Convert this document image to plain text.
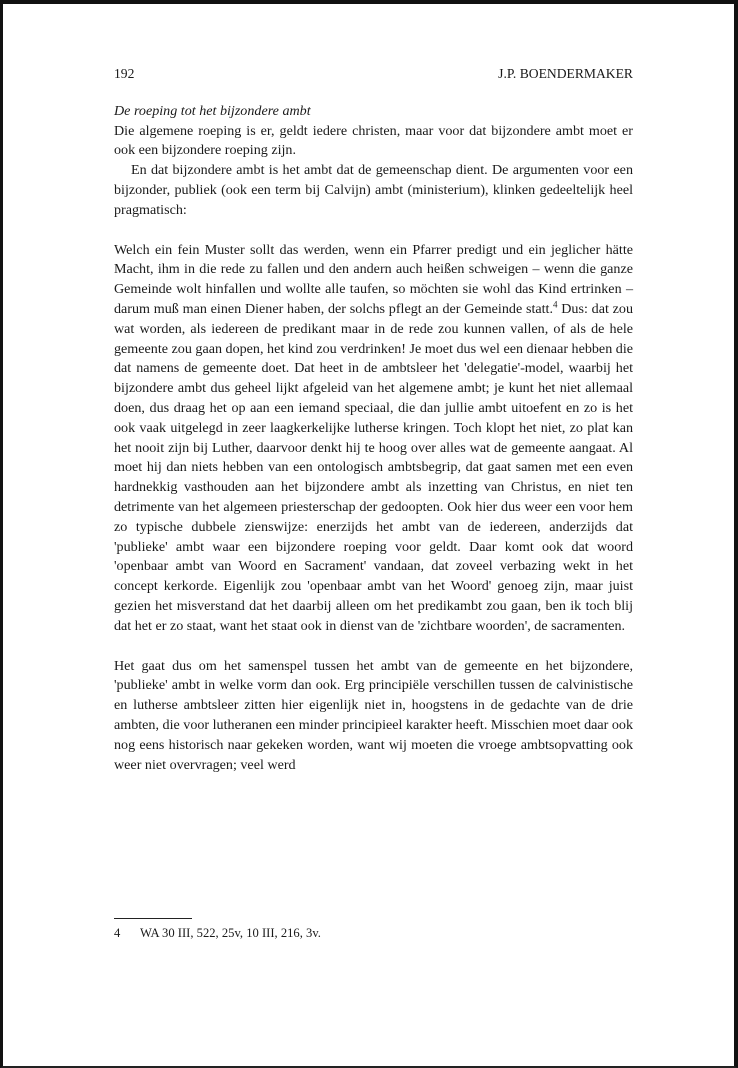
192	J.P. BOENDERMAKER
De roeping tot het bijzondere ambt

Die algemene roeping is er, geldt iedere christen, maar voor dat bijzondere ambt moet er ook een bijzondere roeping zijn.

En dat bijzondere ambt is het ambt dat de gemeenschap dient. De argumenten voor een bijzonder, publiek (ook een term bij Calvijn) ambt (ministerium), klinken gedeeltelijk heel pragmatisch:

Welch ein fein Muster sollt das werden, wenn ein Pfarrer predigt und ein jeglicher hätte Macht, ihm in die rede zu fallen und den andern auch heißen schweigen – wenn die ganze Gemeinde wolt hinfallen und wollte alle taufen, so möchten sie wohl das Kind ertrinken – darum muß man einen Diener haben, der solchs pflegt an der Gemeinde statt.$^4$ Dus: dat zou wat worden, als iedereen de predikant maar in de rede zou kunnen vallen, of als de hele gemeente zou gaan dopen, het kind zou verdrinken! Je moet dus wel een dienaar hebben die dat namens de gemeente doet. Dat heet in de ambtsleer het 'delegatie'-model, waarbij het bijzondere ambt dus geheel lijkt afgeleid van het algemene ambt; je kunt het niet allemaal doen, dus draag het op aan een iemand speciaal, die dan jullie ambt uitoefent en zo is het ook vaak uitgelegd in zeer laagkerkelijke lutherse kringen. Toch klopt het niet, zo plat kan het nooit zijn bij Luther, daarvoor denkt hij te hoog over alles wat de gemeente aangaat. Al moet hij dan niets hebben van een ontologisch ambtsbegrip, dat gaat samen met een even hardnekkig vasthouden aan het bijzondere ambt als inzetting van Christus, en niet ten detrimente van het algemeen priesterschap der gedoopten. Ook hier dus weer een voor hem zo typische dubbele zienswijze: enerzijds het ambt van de iedereen, anderzijds dat 'publieke' ambt waar een bijzondere roeping voor geldt. Daar komt ook dat woord 'openbaar ambt van Woord en Sacrament' vandaan, dat zoveel verbazing wekt in het concept kerkorde. Eigenlijk zou 'openbaar ambt van het Woord' genoeg zijn, maar juist gezien het misverstand dat het daarbij alleen om het predikambt zou gaan, ben ik toch blij dat het er zo staat, want het staat ook in dienst van de 'zichtbare woorden', de sacramenten.

Het gaat dus om het samenspel tussen het ambt van de gemeente en het bijzondere, 'publieke' ambt in welke vorm dan ook. Erg principiële verschillen tussen de calvinistische en lutherse ambtsleer zitten hier eigenlijk niet in, hoogstens in de gedachte van de drie ambten, die voor lutheranen een minder principieel karakter heeft. Misschien moet daar ook nog eens historisch naar gekeken worden, want wij moeten die vroege ambtsopvatting ook weer niet overvragen; veel werd

4 WA 30 III, 522, 25v, 10 III, 216, 3v.
